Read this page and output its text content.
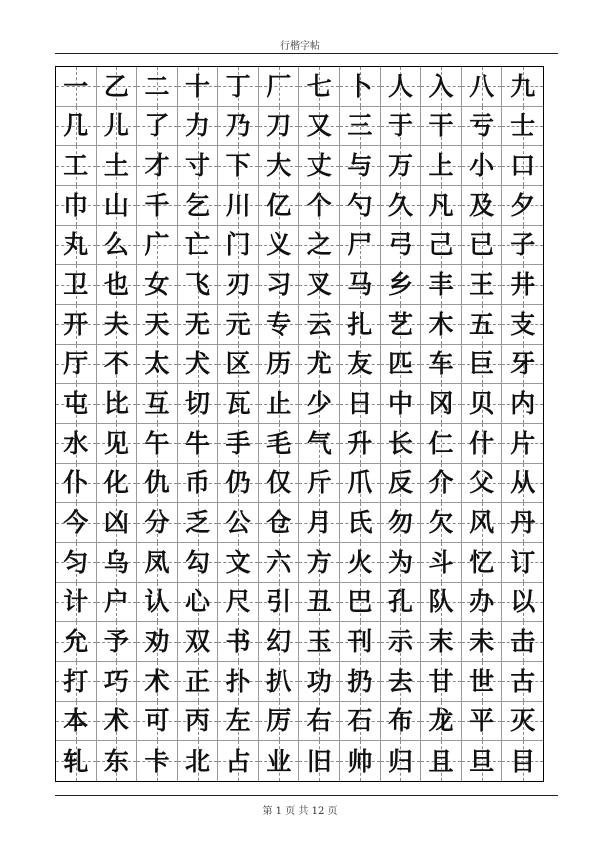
行楷字帖
一 乙 二 十 丁 厂 七 卜 人 入 八 九
几 儿 了 力 乃 刀 又 三 于 干 亏 士
工 土 才 寸 下 大 丈 与 万 上 小 口
巾 山 千 乞 川 亿 个 勺 久 凡 及 夕
丸 么 广 亡 门 义 之 尸 弓 己 已 子
卫 也 女 飞 刃 习 叉 马 乡 丰 王 井
开 夫 天 无 元 专 云 扎 艺 木 五 支
厅 不 太 犬 区 历 尤 友 匹 车 巨 牙
屯 比 互 切 瓦 止 少 日 中 冈 贝 内
水 见 午 牛 手 毛 气 升 长 仁 什 片
仆 化 仇 币 仍 仅 斤 爪 反 介 父 从
今 凶 分 乏 公 仓 月 氏 勿 欠 风 丹
匀 乌 凤 勾 文 六 方 火 为 斗 忆 订
计 户 认 心 尺 引 丑 巴 孔 队 办 以
允 予 劝 双 书 幻 玉 刊 示 末 未 击
打 巧 术 正 扑 扒 功 扔 去 甘 世 古
本 术 可 丙 左 厉 右 石 布 龙 平 灭
轧 东 卡 北 占 业 旧 帅 归 且 旦 目
第 1 页 共 12 页
